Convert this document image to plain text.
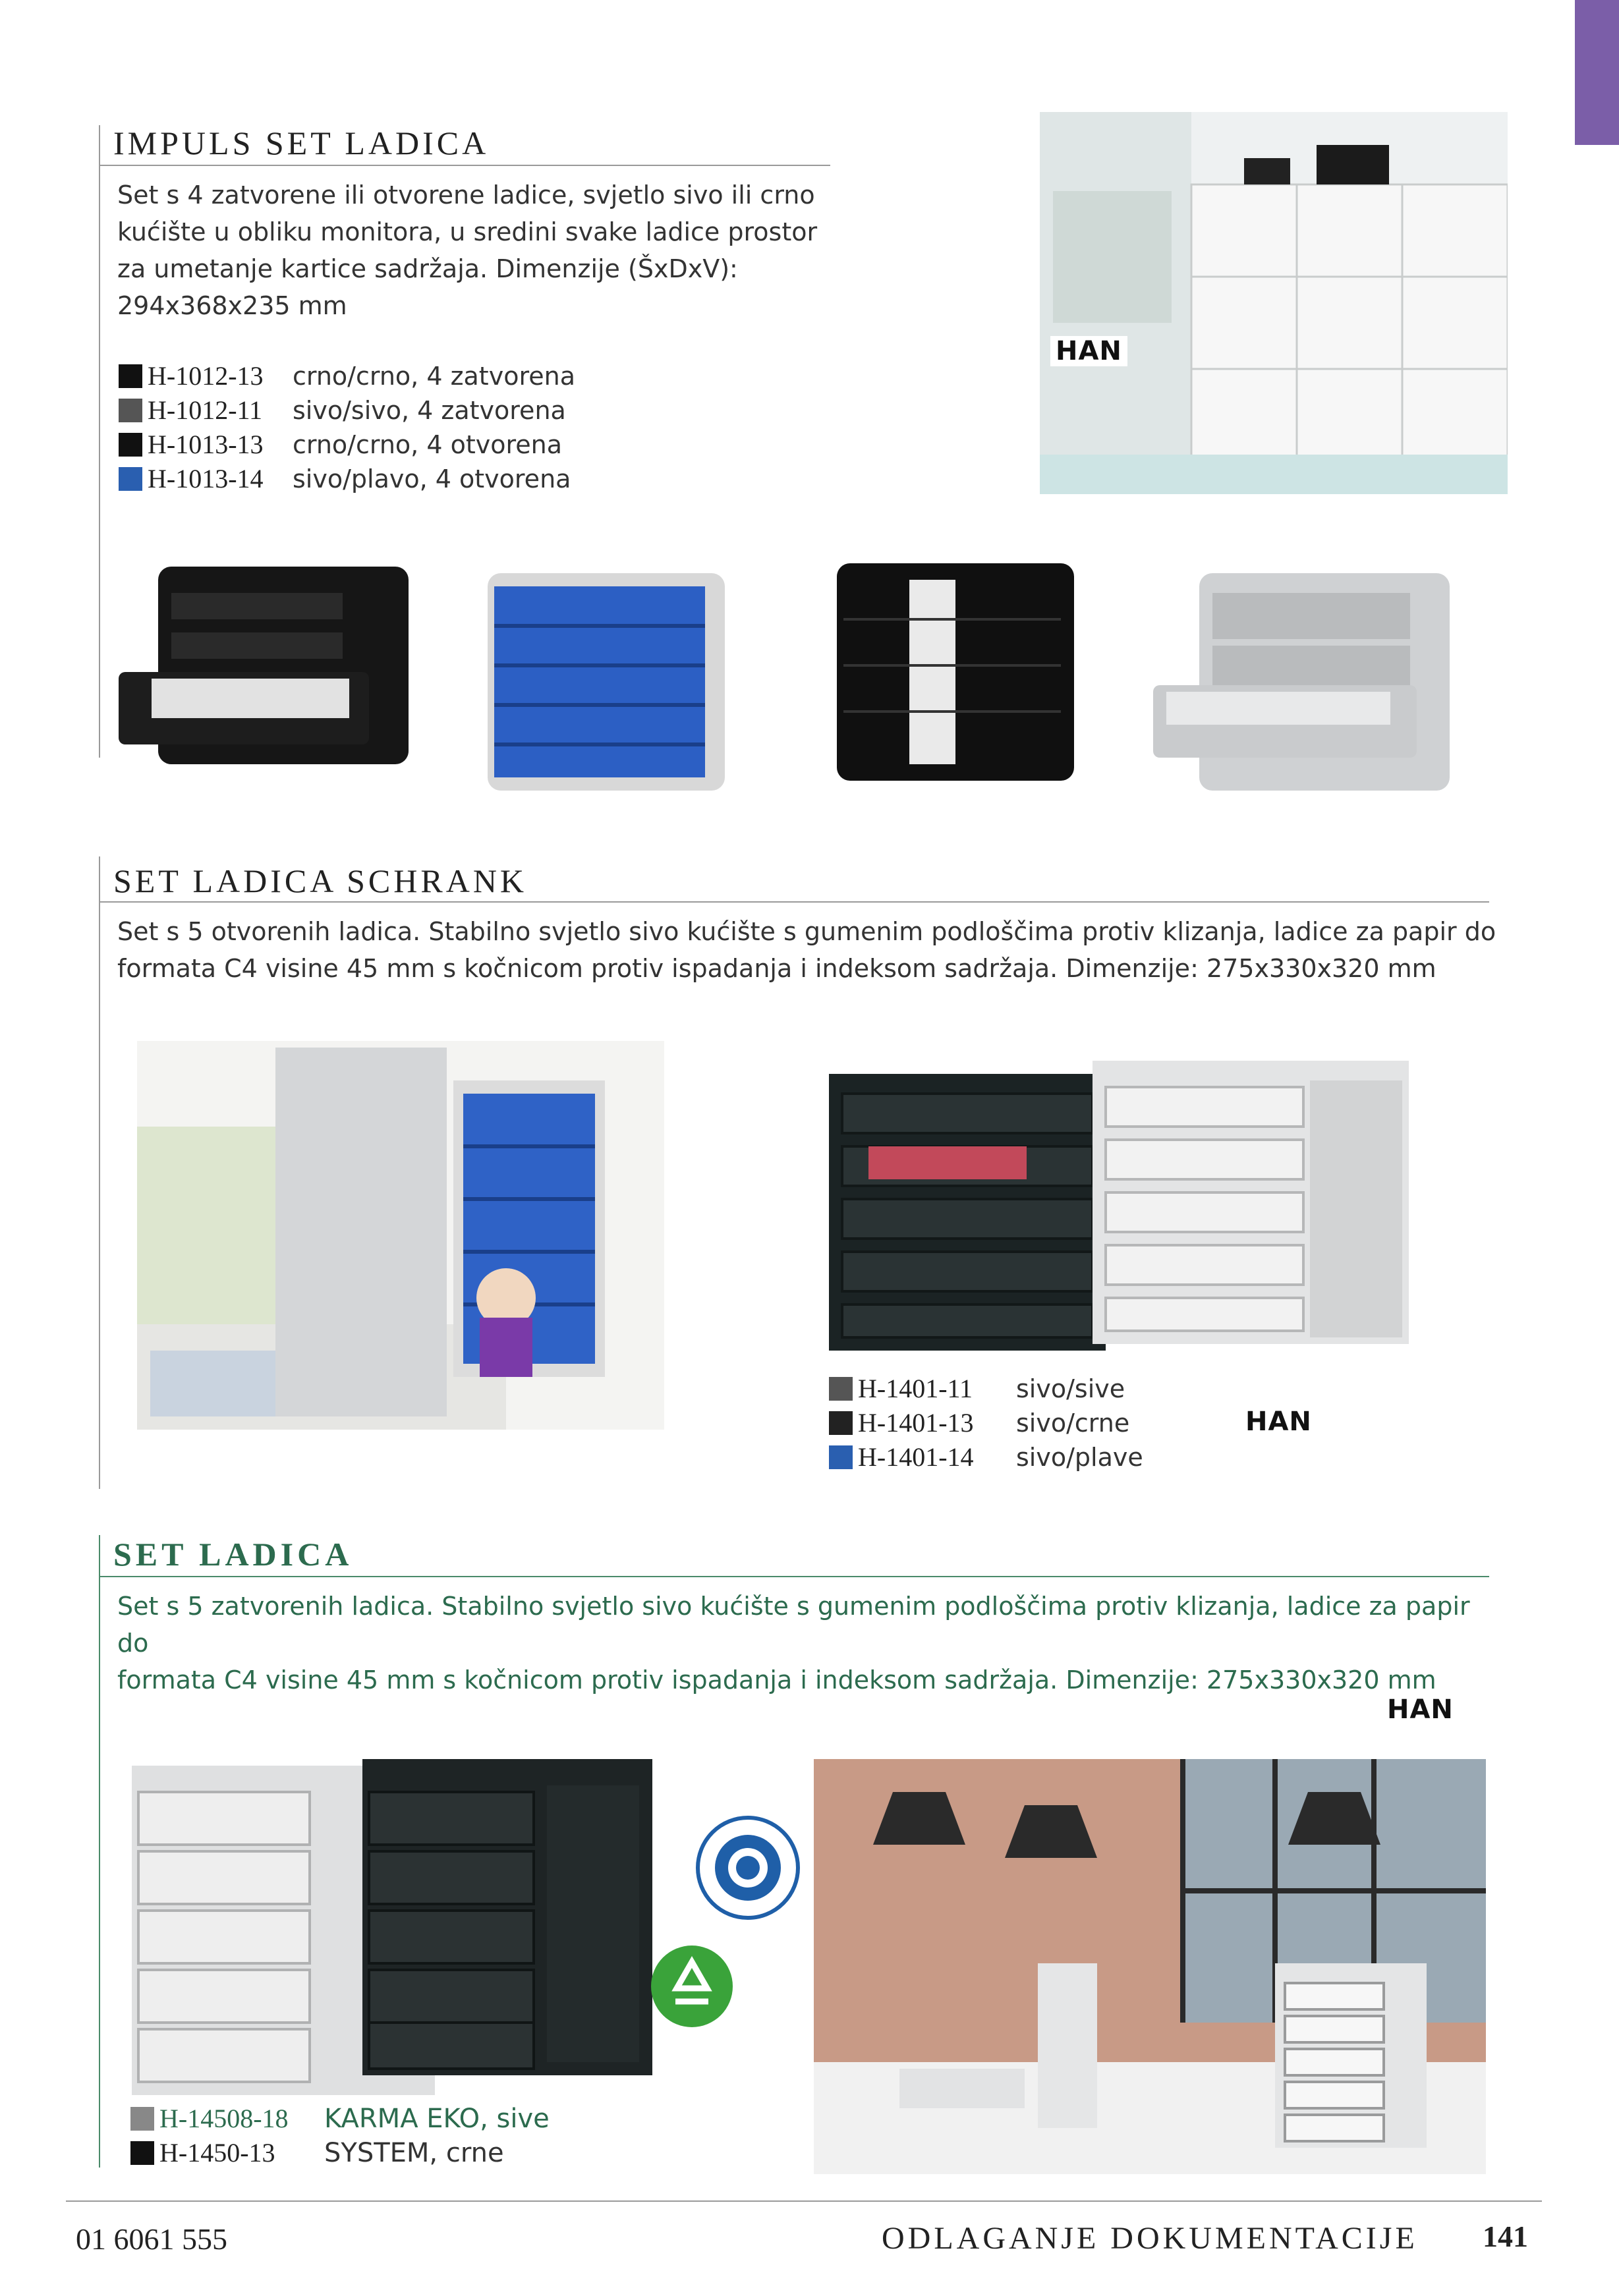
IMPULS SET LADICA
Set s 4 zatvorene ili otvorene ladice, svjetlo sivo ili crno
kućište u obliku monitora, u sredini svake ladice prostor
za umetanje kartice sadržaja. Dimenzije (ŠxDxV):
294x368x235 mm
H-1012-13	crno/crno, 4 zatvorena
H-1012-11	sivo/sivo, 4 zatvorena
H-1013-13	crno/crno, 4 otvorena
H-1013-14	sivo/plavo, 4 otvorena
HAN
SET LADICA SCHRANK
Set s 5 otvorenih ladica. Stabilno svjetlo sivo kućište s gumenim podloščima protiv klizanja, ladice za papir do
formata C4 visine 45 mm s kočnicom protiv ispadanja i indeksom sadržaja. Dimenzije: 275x330x320 mm
H-1401-11	sivo/sive
H-1401-13	sivo/crne
H-1401-14	sivo/plave
HAN
SET LADICA
Set s 5 zatvorenih ladica. Stabilno svjetlo sivo kućište s gumenim podloščima protiv klizanja, ladice za papir do
formata C4 visine 45 mm s kočnicom protiv ispadanja i indeksom sadržaja. Dimenzije: 275x330x320 mm
HAN
H-14508-18	KARMA EKO, sive
H-1450-13	SYSTEM, crne
01 6061 555	ODLAGANJE DOKUMENTACIJE 141
